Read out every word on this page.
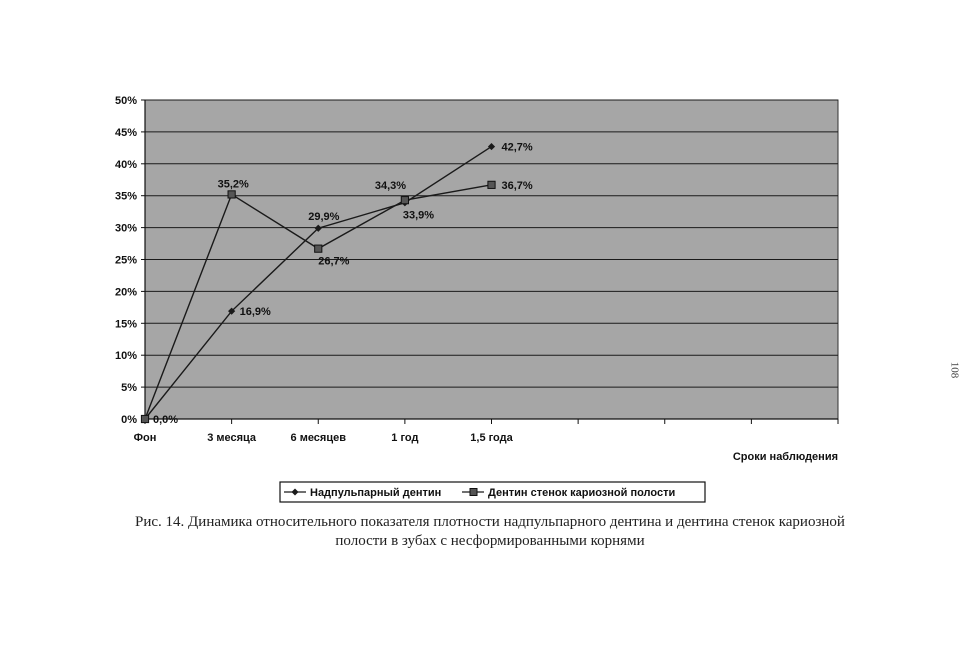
0%
5%
10%
15%
20%
25%
30%
35%
40%
45%
50%
Фон	3 месяца	6 месяцев	1 год	1,5 года
16,9%
29,9%	33,9%
42,7%
0,0%
35,2%
26,7%
34,3%	36,7%
Сроки наблюдения
Надпульпарный дентин	Дентин стенок кариозной полости
Рис. 14. Динамика относительного показателя плотности надпульпарного дентина и дентина стенок кариозной
полости в зубах с несформированными корнями
108
